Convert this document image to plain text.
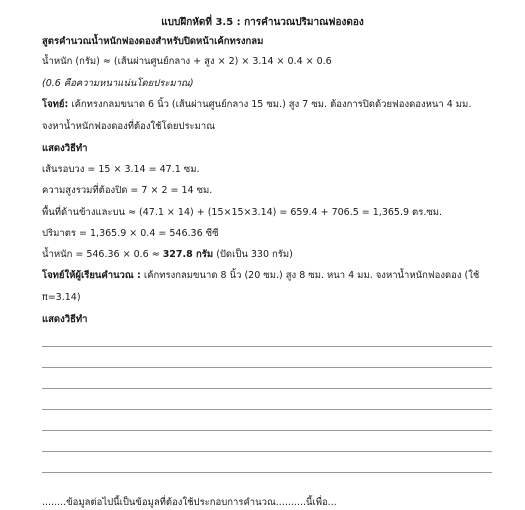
แบบฝึกหัดที่ 3.5 : การคำนวณปริมาณฟองดอง
สูตรคำนวณน้ำหนักฟองดองสำหรับปิดหน้าเค้กทรงกลม
น้ำหนัก (กรัม) ≈ (เส้นผ่านศูนย์กลาง + สูง × 2) × 3.14 × 0.4 × 0.6
(0.6 คือความหนาแน่นโดยประมาณ)
โจทย์: เค้กทรงกลมขนาด 6 นิ้ว (เส้นผ่านศูนย์กลาง 15 ซม.) สูง 7 ซม. ต้องการปิดด้วยฟองดองหนา 4 มม.
จงหาน้ำหนักฟองดองที่ต้องใช้โดยประมาณ
แสดงวิธีทำ
เส้นรอบวง = 15 × 3.14 = 47.1 ซม.
ความสูงรวมที่ต้องปิด = 7 × 2 = 14 ซม.
พื้นที่ด้านข้างและบน ≈ (47.1 × 14) + (15×15×3.14) = 659.4 + 706.5 = 1,365.9 ตร.ซม.
ปริมาตร = 1,365.9 × 0.4 = 546.36 ซีซี
น้ำหนัก = 546.36 × 0.6 ≈ 327.8 กรัม (ปัดเป็น 330 กรัม)
โจทย์ให้ผู้เรียนคำนวณ : เค้กทรงกลมขนาด 8 นิ้ว (20 ซม.) สูง 8 ซม. หนา 4 มม. จงหาน้ำหนักฟองดอง (ใช้
π=3.14)
แสดงวิธีทำ
........ข้อมูลต่อไปนี้เป็นข้อมูลที่ต้องใช้ประกอบการคำนวณ..........นี้เพื่อ...
